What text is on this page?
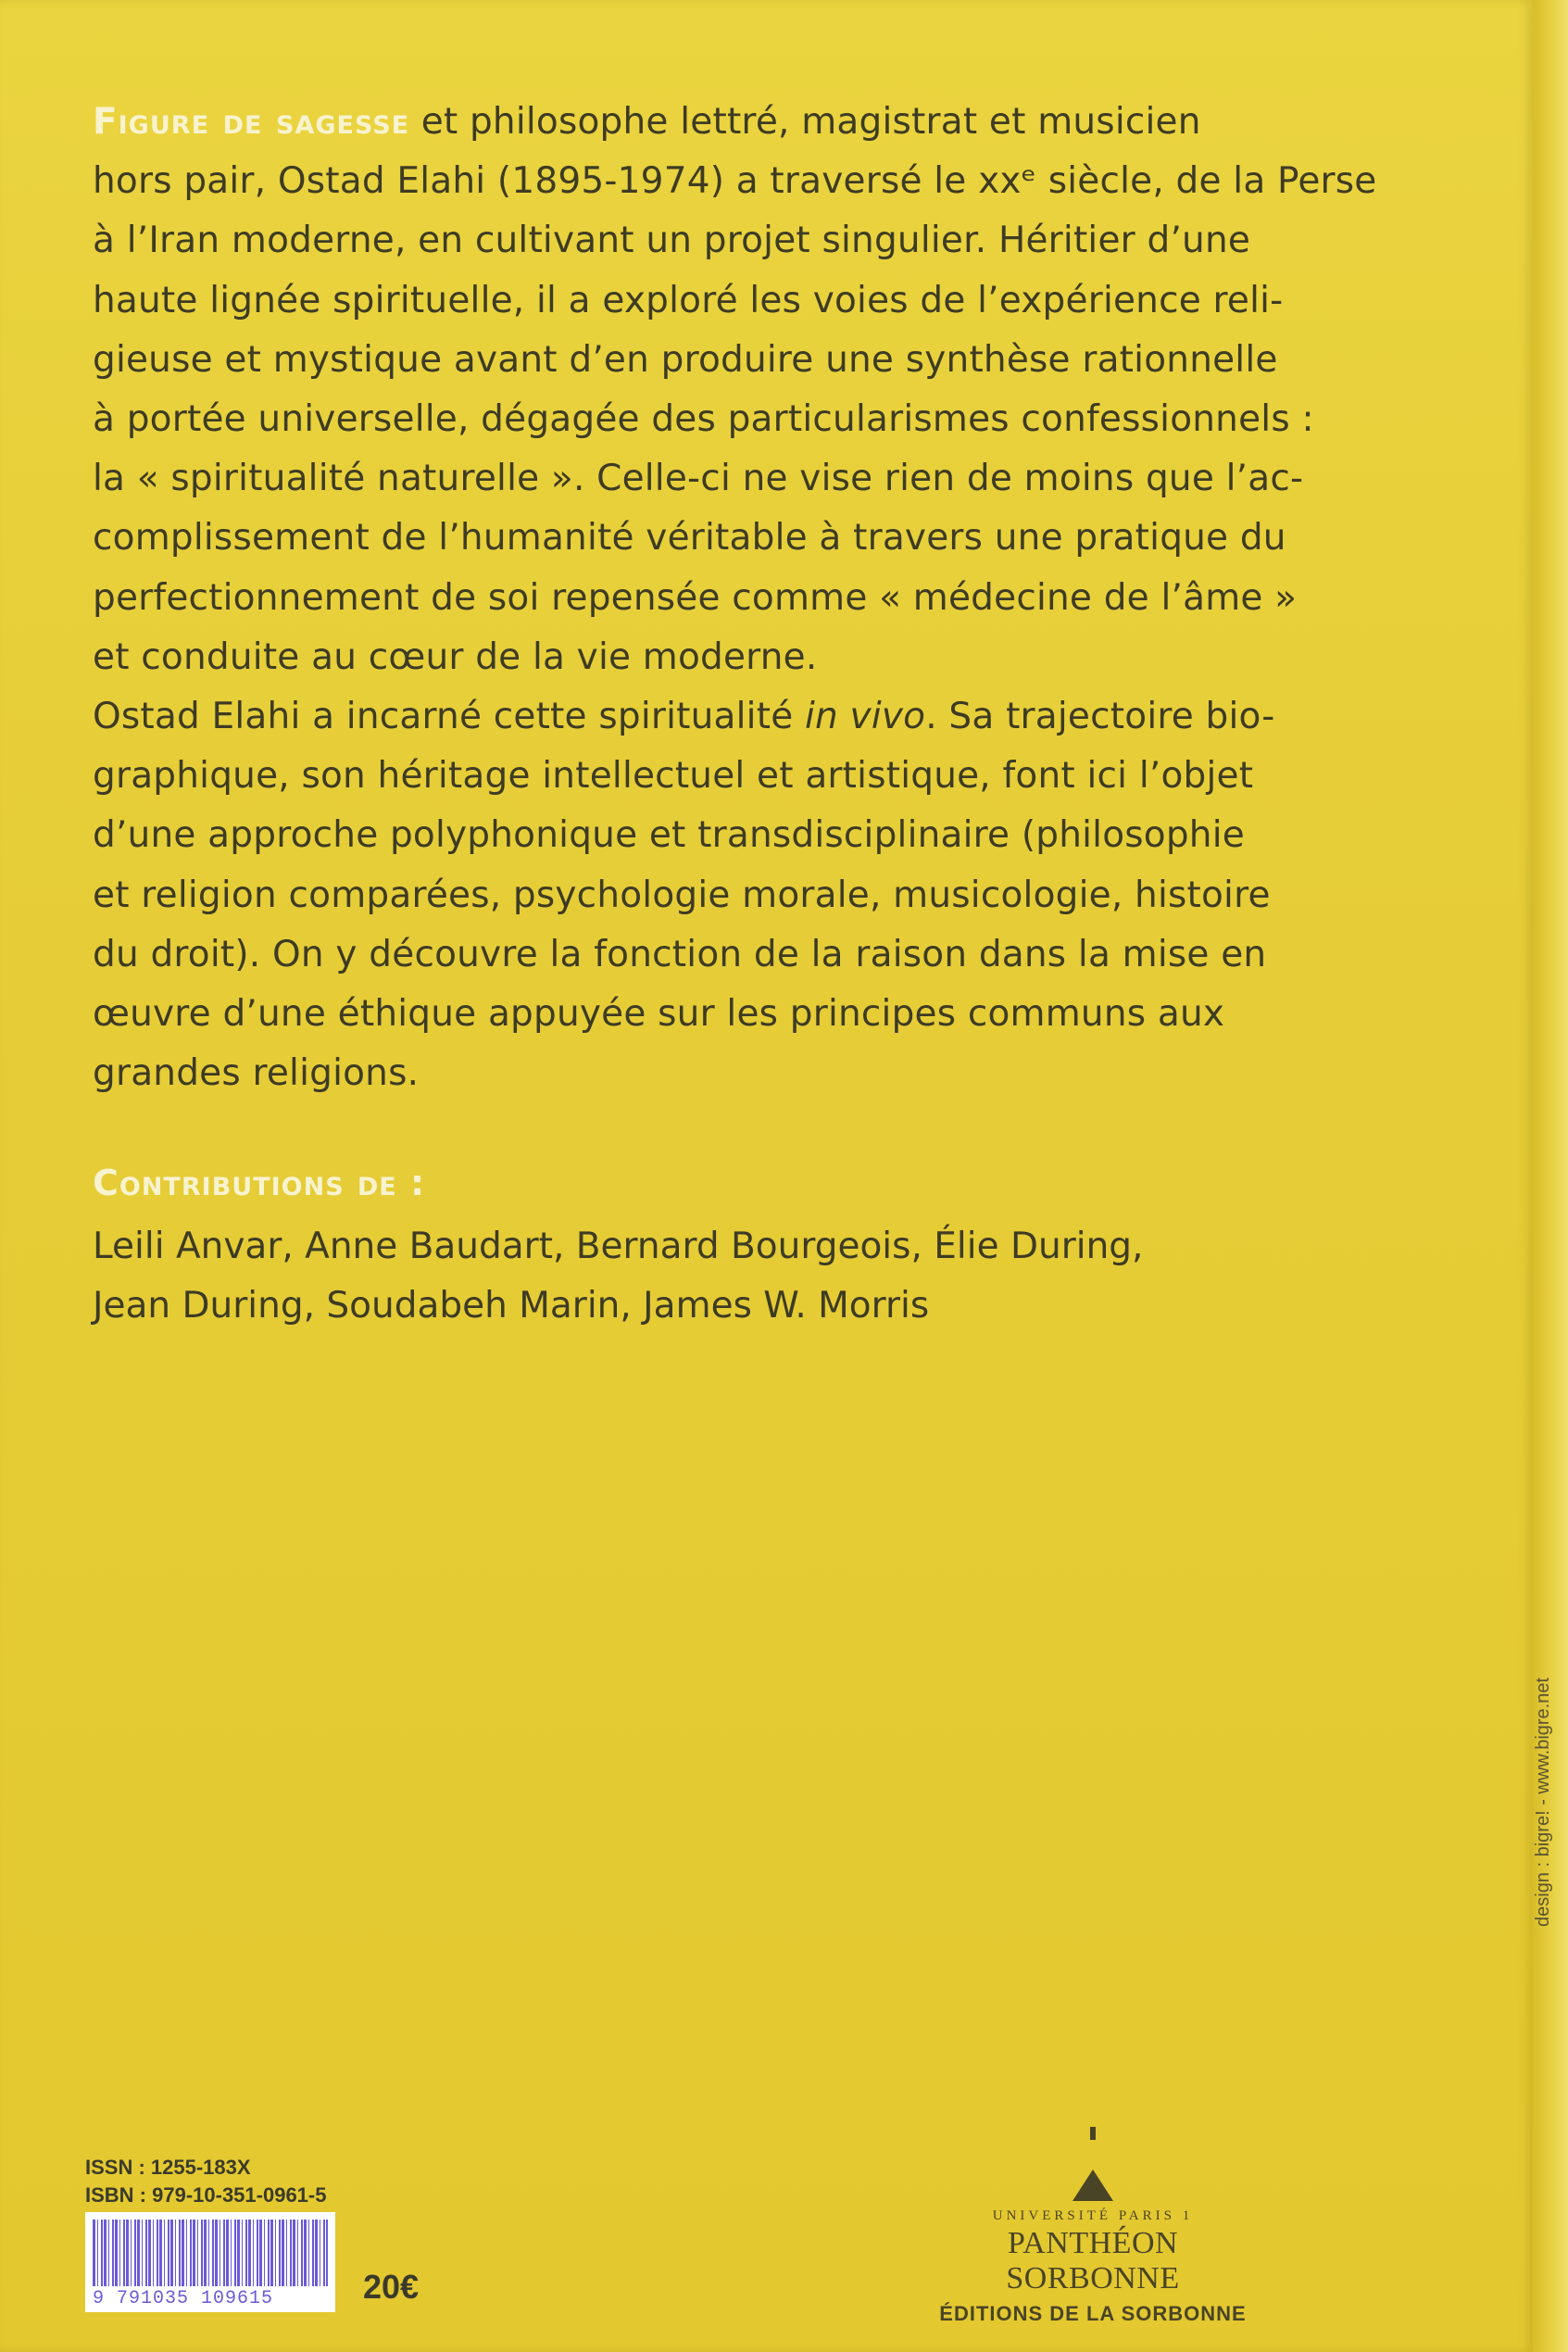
Figure de sagesse et philosophe lettré, magistrat et musicien
hors pair, Ostad Elahi (1895-1974) a traversé le xxᵉ siècle, de la Perse
à l’Iran moderne, en cultivant un projet singulier. Héritier d’une
haute lignée spirituelle, il a exploré les voies de l’expérience reli-
gieuse et mystique avant d’en produire une synthèse rationnelle
à portée universelle, dégagée des particularismes confessionnels :
la « spiritualité naturelle ». Celle-ci ne vise rien de moins que l’ac-
complissement de l’humanité véritable à travers une pratique du
perfectionnement de soi repensée comme « médecine de l’âme »
et conduite au cœur de la vie moderne.
Ostad Elahi a incarné cette spiritualité in vivo. Sa trajectoire bio-
graphique, son héritage intellectuel et artistique, font ici l’objet
d’une approche polyphonique et transdisciplinaire (philosophie
et religion comparées, psychologie morale, musicologie, histoire
du droit). On y découvre la fonction de la raison dans la mise en
œuvre d’une éthique appuyée sur les principes communs aux
grandes religions.
Contributions de :
Leili Anvar, Anne Baudart, Bernard Bourgeois, Élie During,
Jean During, Soudabeh Marin, James W. Morris
design : bigre! - www.bigre.net
ISSN : 1255-183X
ISBN : 979-10-351-0961-5
9 791035 109615	20€
UNIVERSITÉ PARIS 1
PANTHÉON SORBONNE
ÉDITIONS DE LA SORBONNE
